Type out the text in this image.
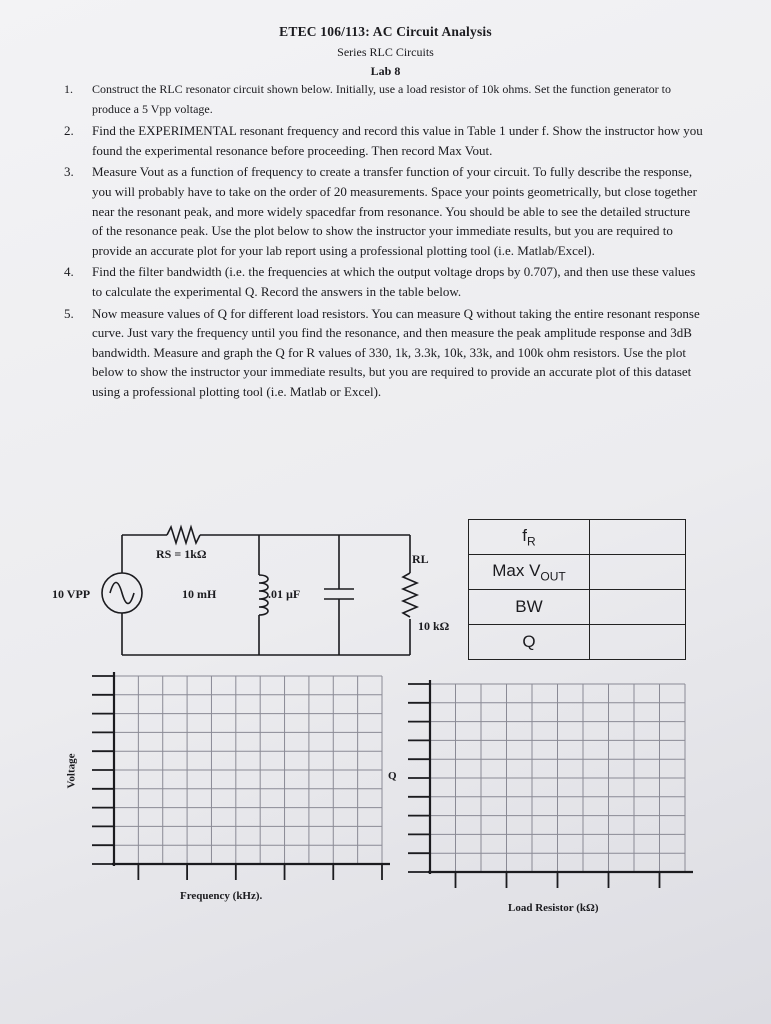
ETEC 106/113: AC Circuit Analysis
Series RLC Circuits
Lab 8
1. Construct the RLC resonator circuit shown below. Initially, use a load resistor of 10k ohms. Set the function generator to produce a 5 Vpp voltage.
2. Find the EXPERIMENTAL resonant frequency and record this value in Table 1 under f. Show the instructor how you found the experimental resonance before proceeding. Then record Max Vout.
3. Measure Vout as a function of frequency to create a transfer function of your circuit. To fully describe the response, you will probably have to take on the order of 20 measurements. Space your points geometrically, but close together near the resonant peak, and more widely spacedfar from resonance. You should be able to see the detailed structure of the resonance peak. Use the plot below to show the instructor your immediate results, but you are required to provide an accurate plot for your lab report using a professional plotting tool (i.e. Matlab/Excel).
4. Find the filter bandwidth (i.e. the frequencies at which the output voltage drops by 0.707), and then use these values to calculate the experimental Q. Record the answers in the table below.
5. Now measure values of Q for different load resistors. You can measure Q without taking the entire resonant response curve. Just vary the frequency until you find the resonance, and then measure the peak amplitude response and 3dB bandwidth. Measure and graph the Q for R values of 330, 1k, 3.3k, 10k, 33k, and 100k ohm resistors. Use the plot below to show the instructor your immediate results, but you are required to provide an accurate plot of this dataset using a professional plotting tool (i.e. Matlab or Excel).
10 VPP
RS = 1kΩ
10 mH	.01 µF
RL
10 kΩ
$f_R$	
Max $V_{OUT}$	
BW	
Q	
Voltage
Frequency (kHz).
Q
Load Resistor (kΩ)
